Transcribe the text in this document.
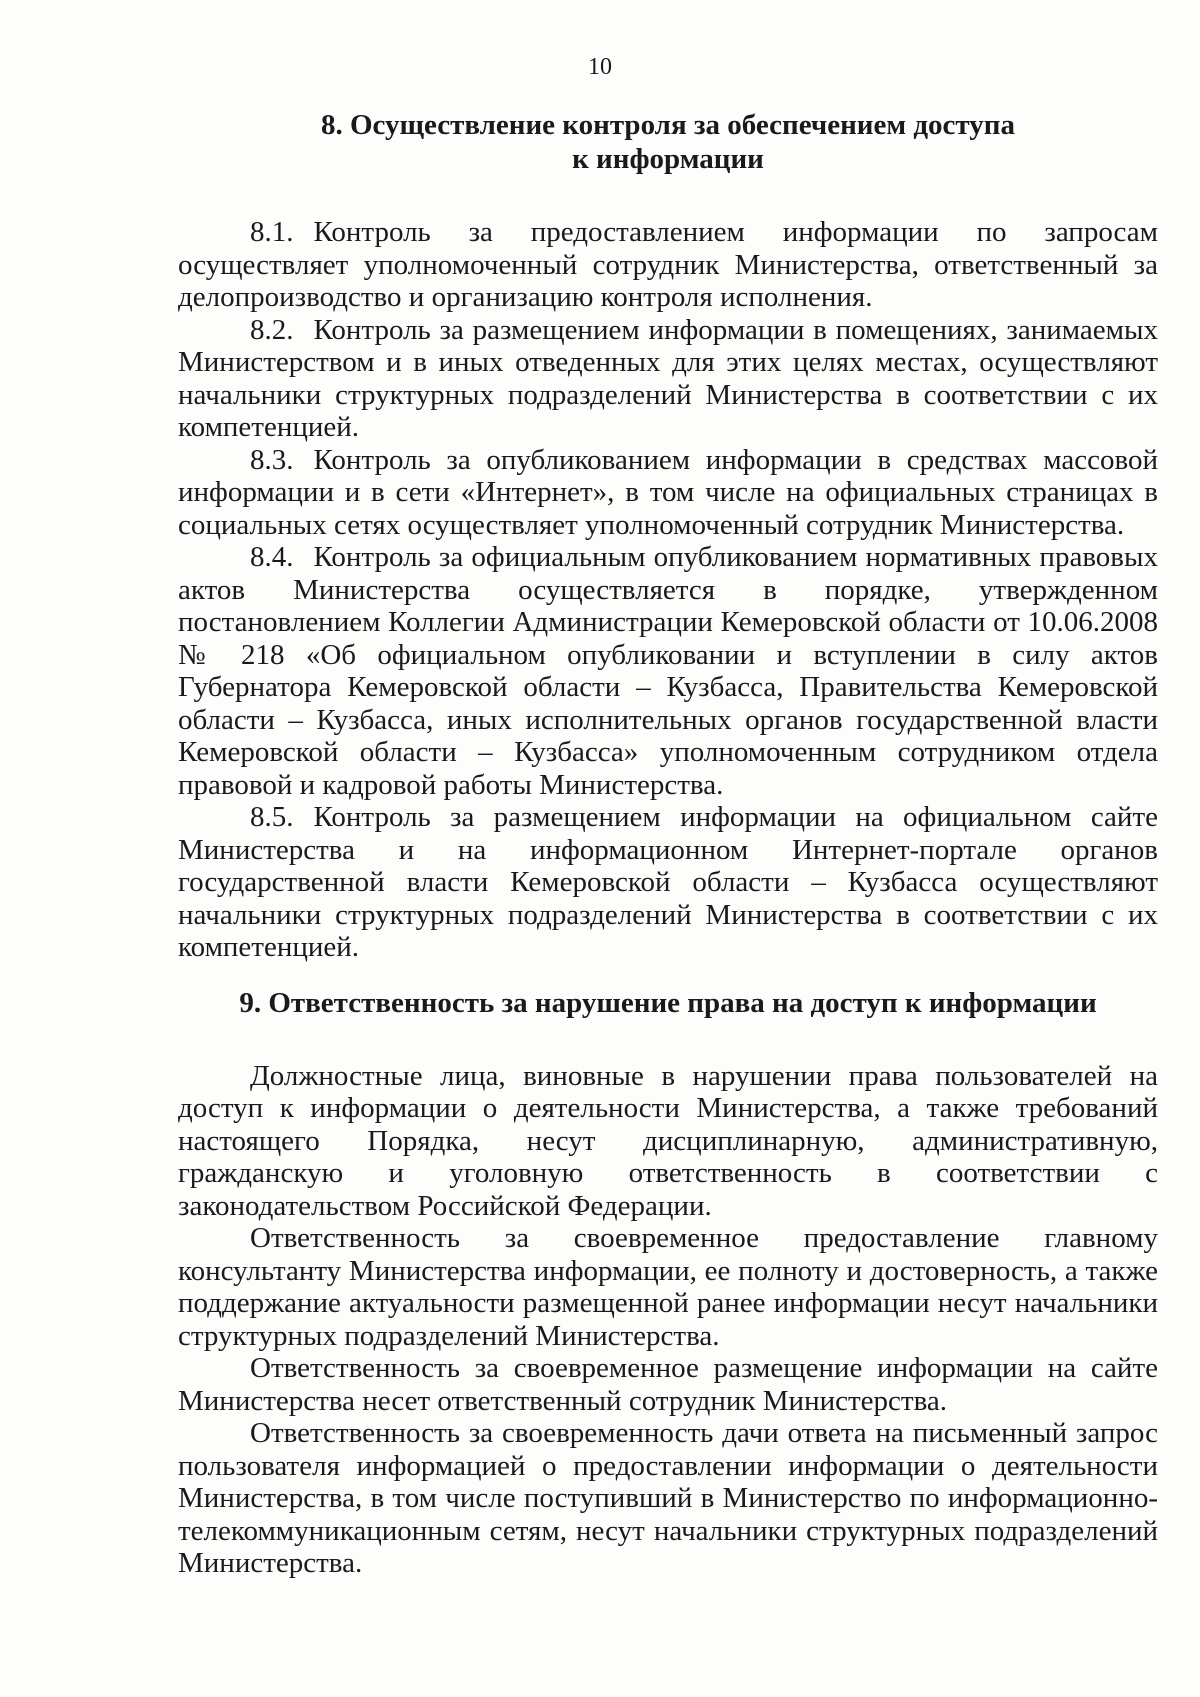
10
8. Осуществление контроля за обеспечением доступа
к информации

8.1. Контроль за предоставлением информации по запросам осуществляет уполномоченный сотрудник Министерства, ответственный за делопроизводство и организацию контроля исполнения.

8.2. Контроль за размещением информации в помещениях, занимаемых Министерством и в иных отведенных для этих целях местах, осуществляют начальники структурных подразделений Министерства в соответствии с их компетенцией.

8.3. Контроль за опубликованием информации в средствах массовой информации и в сети «Интернет», в том числе на официальных страницах в социальных сетях осуществляет уполномоченный сотрудник Министерства.

8.4. Контроль за официальным опубликованием нормативных правовых актов Министерства осуществляется в порядке, утвержденном постановлением Коллегии Администрации Кемеровской области от 10.06.2008 № 218 «Об официальном опубликовании и вступлении в силу актов Губернатора Кемеровской области – Кузбасса, Правительства Кемеровской области – Кузбасса, иных исполнительных органов государственной власти Кемеровской области – Кузбасса» уполномоченным сотрудником отдела правовой и кадровой работы Министерства.

8.5. Контроль за размещением информации на официальном сайте Министерства и на информационном Интернет-портале органов государственной власти Кемеровской области – Кузбасса осуществляют начальники структурных подразделений Министерства в соответствии с их компетенцией.

9. Ответственность за нарушение права на доступ к информации

Должностные лица, виновные в нарушении права пользователей на доступ к информации о деятельности Министерства, а также требований настоящего Порядка, несут дисциплинарную, административную, гражданскую и уголовную ответственность в соответствии с законодательством Российской Федерации.

Ответственность за своевременное предоставление главному консультанту Министерства информации, ее полноту и достоверность, а также поддержание актуальности размещенной ранее информации несут начальники структурных подразделений Министерства.

Ответственность за своевременное размещение информации на сайте Министерства несет ответственный сотрудник Министерства.

Ответственность за своевременность дачи ответа на письменный запрос пользователя информацией о предоставлении информации о деятельности Министерства, в том числе поступивший в Министерство по информационно-телекоммуникационным сетям, несут начальники структурных подразделений Министерства.
